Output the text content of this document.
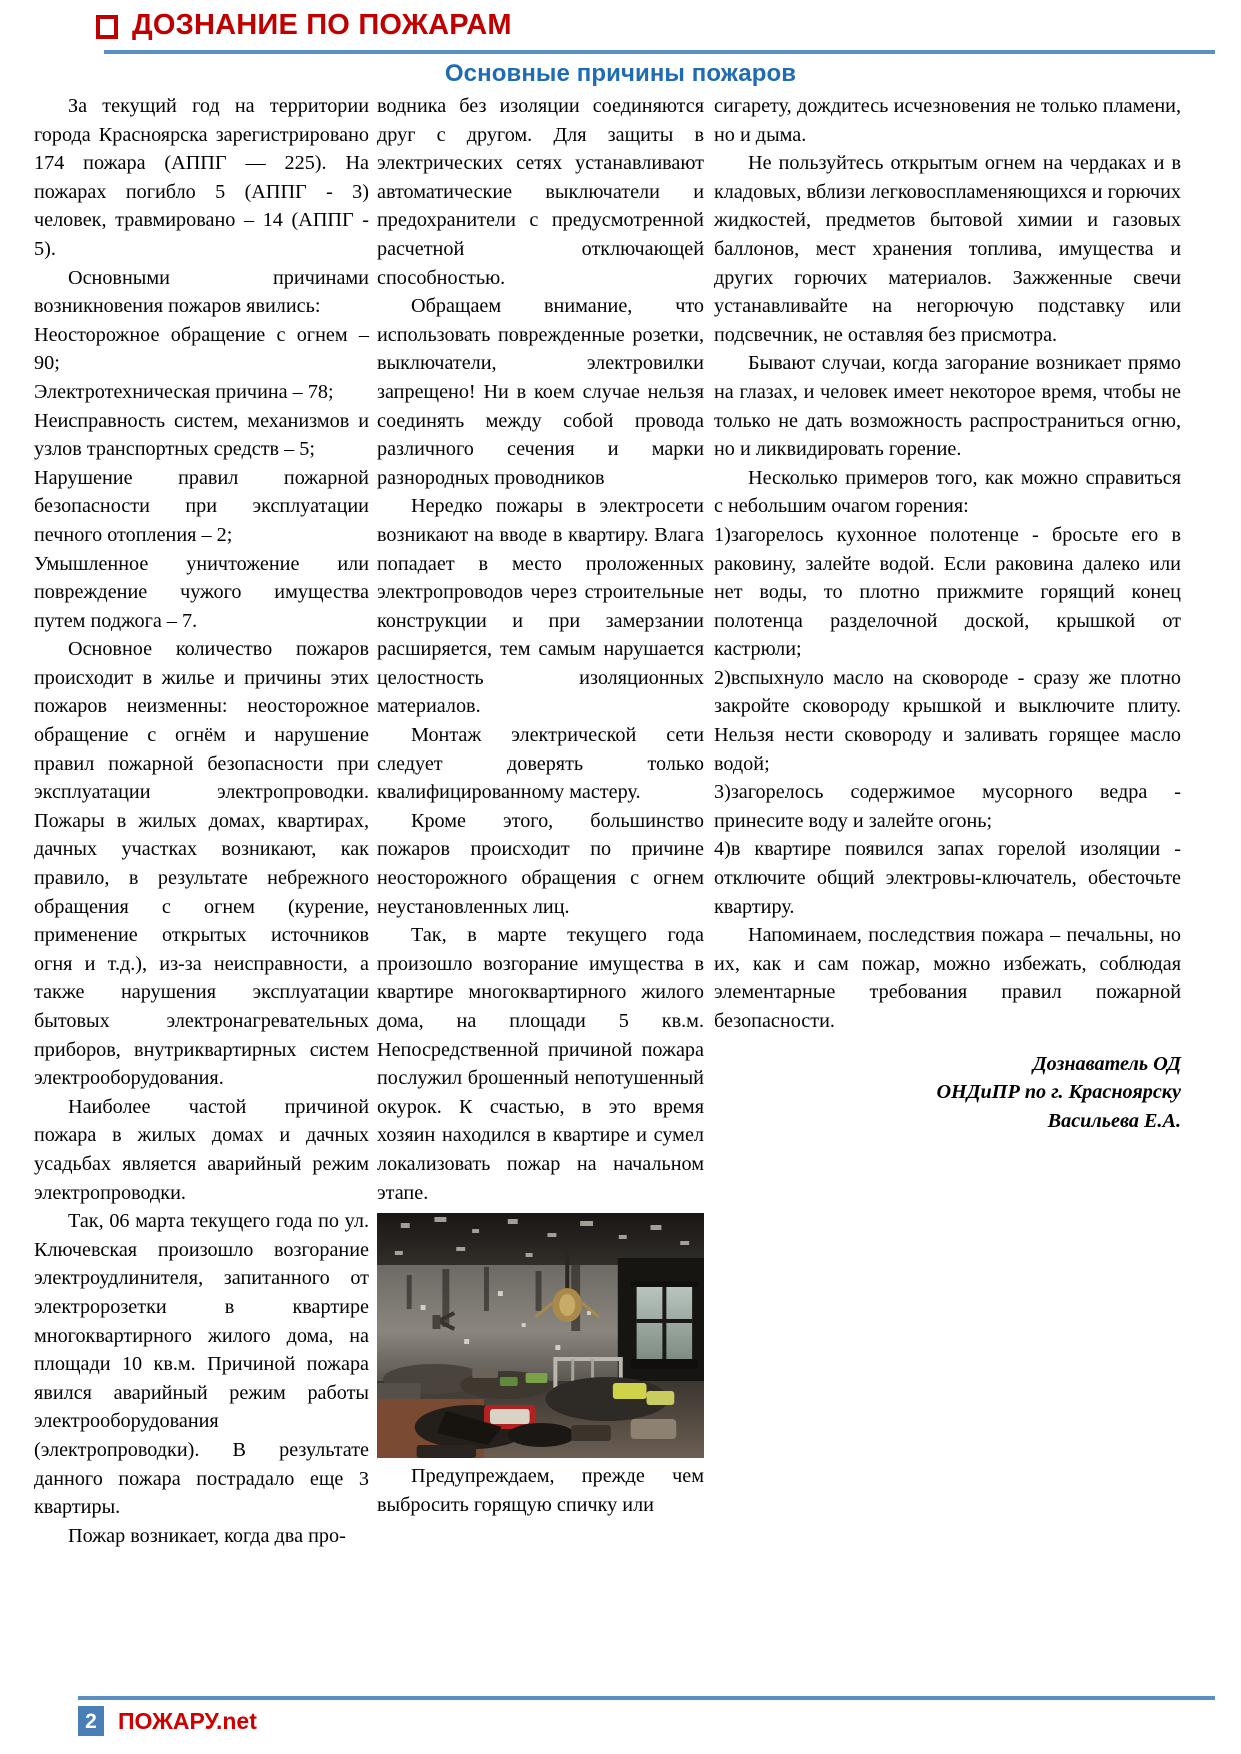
ДОЗНАНИЕ ПО ПОЖАРАМ
Основные причины пожаров

За текущий год на территории города Красноярска зарегистрировано 174 пожара (АППГ — 225). На пожарах погибло 5 (АППГ - 3) человек, травмировано – 14 (АППГ - 5).

Основными причинами возникновения пожаров явились:

Неосторожное обращение с огнем – 90;

Электротехническая причина – 78;

Неисправность систем, механизмов и узлов транспортных средств – 5;

Нарушение правил пожарной безопасности при эксплуатации печного отопления – 2;

Умышленное уничтожение или повреждение чужого имущества путем поджога – 7.

Основное количество пожаров происходит в жилье и причины этих пожаров неизменны: неосторожное обращение с огнём и нарушение правил пожарной безопасности при эксплуатации электропроводки. Пожары в жилых домах, квартирах, дачных участках возникают, как правило, в результате небрежного обращения с огнем (курение, применение открытых источников огня и т.д.), из-за неисправности, а также нарушения эксплуатации бытовых электронагревательных приборов, внутриквартирных систем электрооборудования.

Наиболее частой причиной пожара в жилых домах и дачных усадьбах является аварийный режим электропроводки.

Так, 06 марта текущего года по ул. Ключевская произошло возгорание электроудлинителя, запитанного от электророзетки в квартире многоквартирного жилого дома, на площади 10 кв.м. Причиной пожара явился аварийный режим работы электрооборудования (электропроводки). В результате данного пожара пострадало еще 3 квартиры.

Пожар возникает, когда два про-

водника без изоляции соединяются друг с другом. Для защиты в электрических сетях устанавливают автоматические выключатели и предохранители с предусмотренной расчетной отключающей способностью.

Обращаем внимание, что использовать поврежденные розетки, выключатели, электровилки запрещено! Ни в коем случае нельзя соединять между собой провода различного сечения и марки разнородных проводников

Нередко пожары в электросети возникают на вводе в квартиру. Влага попадает в место проложенных электропроводов через строительные конструкции и при замерзании расширяется, тем самым нарушается целостность изоляционных материалов.

Монтаж электрической сети следует доверять только квалифицированному мастеру.

Кроме этого, большинство пожаров происходит по причине неосторожного обращения с огнем неустановленных лиц.

Так, в марте текущего года произошло возгорание имущества в квартире многоквартирного жилого дома, на площади 5 кв.м. Непосредственной причиной пожара послужил брошенный непотушенный окурок. К счастью, в это время хозяин находился в квартире и сумел локализовать пожар на начальном этапе.

Предупреждаем, прежде чем выбросить горящую спичку или

сигарету, дождитесь исчезновения не только пламени, но и дыма.

Не пользуйтесь открытым огнем на чердаках и в кладовых, вблизи легковоспламеняющихся и горючих жидкостей, предметов бытовой химии и газовых баллонов, мест хранения топлива, имущества и других горючих материалов. Зажженные свечи устанавливайте на негорючую подставку или подсвечник, не оставляя без присмотра.

Бывают случаи, когда загорание возникает прямо на глазах, и человек имеет некоторое время, чтобы не только не дать возможность распространиться огню, но и ликвидировать горение.

Несколько примеров того, как можно справиться с небольшим очагом горения:

1)загорелось кухонное полотенце - бросьте его в раковину, залейте водой. Если раковина далеко или нет воды, то плотно прижмите горящий конец полотенца разделочной доской, крышкой от кастрюли;

2)вспыхнуло масло на сковороде - сразу же плотно закройте сковороду крышкой и выключите плиту. Нельзя нести сковороду и заливать горящее масло водой;

3)загорелось содержимое мусорного ведра - принесите воду и залейте огонь;

4)в квартире появился запах горелой изоляции - отключите общий электровы-ключатель, обесточьте квартиру.

Напоминаем, последствия пожара – печальны, но их, как и сам пожар, можно избежать, соблюдая элементарные требования правил пожарной безопасности.

Дознаватель ОД
ОНДиПР по г. Красноярску
Васильева Е.А.
2 ПОЖАРУ.net
